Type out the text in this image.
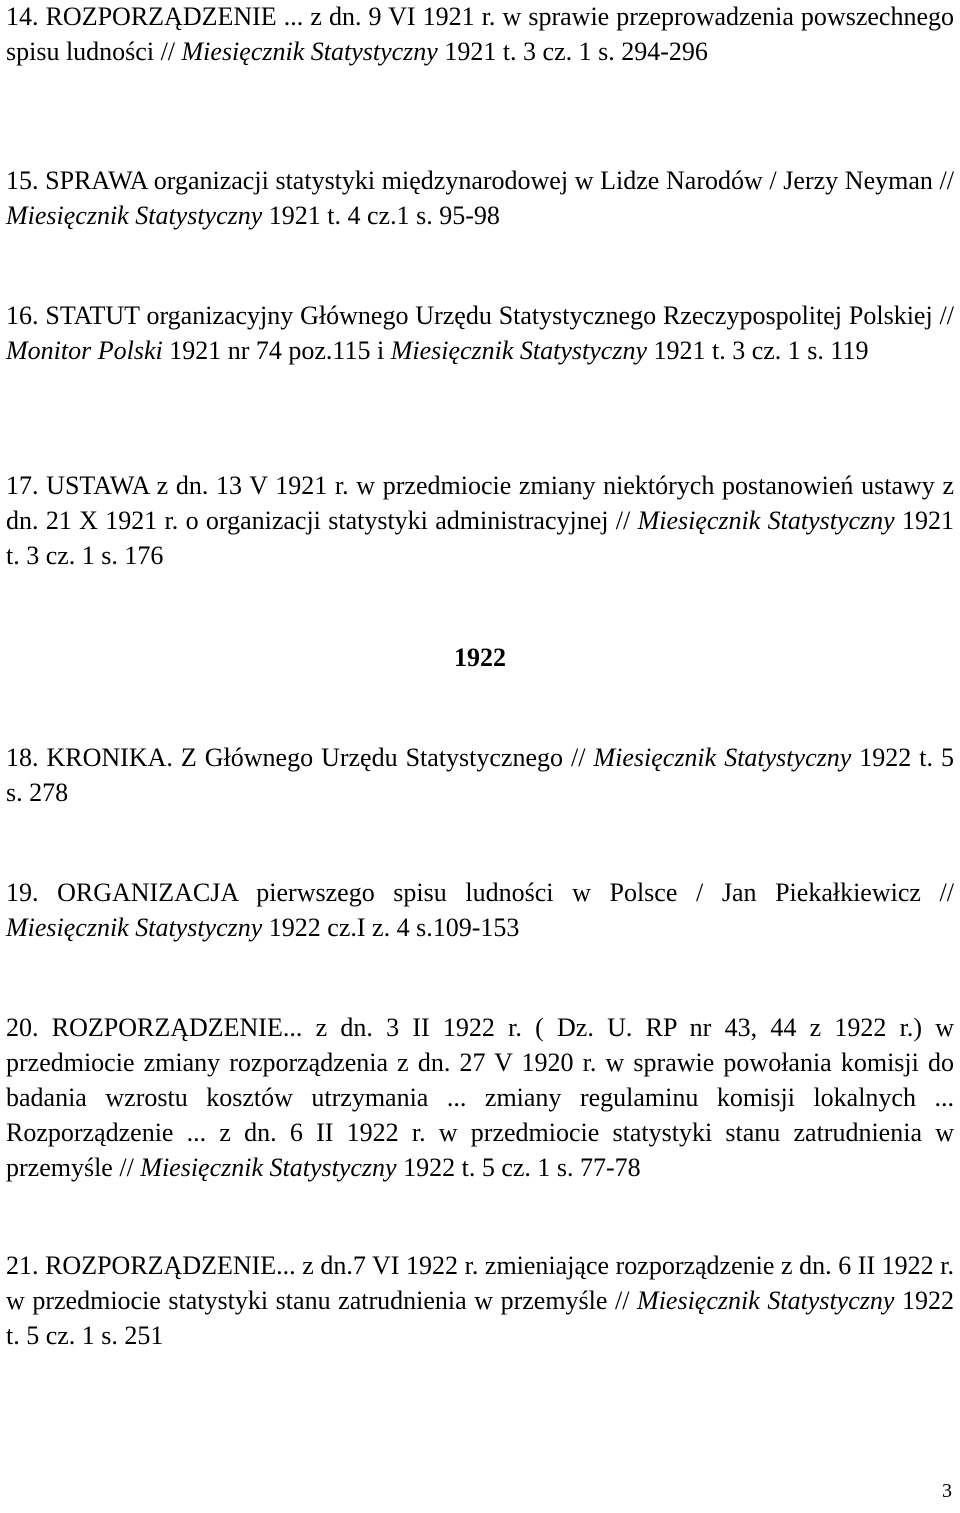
14. ROZPORZĄDZENIE ... z dn. 9 VI 1921 r. w sprawie przeprowadzenia powszechnego spisu ludności // Miesięcznik Statystyczny 1921 t. 3 cz. 1 s. 294-296

15. SPRAWA organizacji statystyki międzynarodowej w Lidze Narodów / Jerzy Neyman // Miesięcznik Statystyczny 1921 t. 4 cz.1 s. 95-98

16. STATUT organizacyjny Głównego Urzędu Statystycznego Rzeczypospolitej Polskiej // Monitor Polski 1921 nr 74 poz.115 i Miesięcznik Statystyczny 1921 t. 3 cz. 1 s. 119

17. USTAWA z dn. 13 V 1921 r. w przedmiocie zmiany niektórych postanowień ustawy z dn. 21 X 1921 r. o organizacji statystyki administracyjnej // Miesięcznik Statystyczny 1921 t. 3 cz. 1 s. 176

1922

18. KRONIKA. Z Głównego Urzędu Statystycznego // Miesięcznik Statystyczny 1922 t. 5 s. 278

19. ORGANIZACJA pierwszego spisu ludności w Polsce / Jan Piekałkiewicz // Miesięcznik Statystyczny 1922 cz.I z. 4 s.109-153

20. ROZPORZĄDZENIE... z dn. 3 II 1922 r. ( Dz. U. RP nr 43, 44 z 1922 r.) w przedmiocie zmiany rozporządzenia z dn. 27 V 1920 r. w sprawie powołania komisji do badania wzrostu kosztów utrzymania ... zmiany regulaminu komisji lokalnych ... Rozporządzenie ... z dn. 6 II 1922 r. w przedmiocie statystyki stanu zatrudnienia w przemyśle // Miesięcznik Statystyczny 1922 t. 5 cz. 1 s. 77-78

21. ROZPORZĄDZENIE... z dn.7 VI 1922 r. zmieniające rozporządzenie z dn. 6 II 1922 r. w przedmiocie statystyki stanu zatrudnienia w przemyśle // Miesięcznik Statystyczny 1922 t. 5 cz. 1 s. 251

3
